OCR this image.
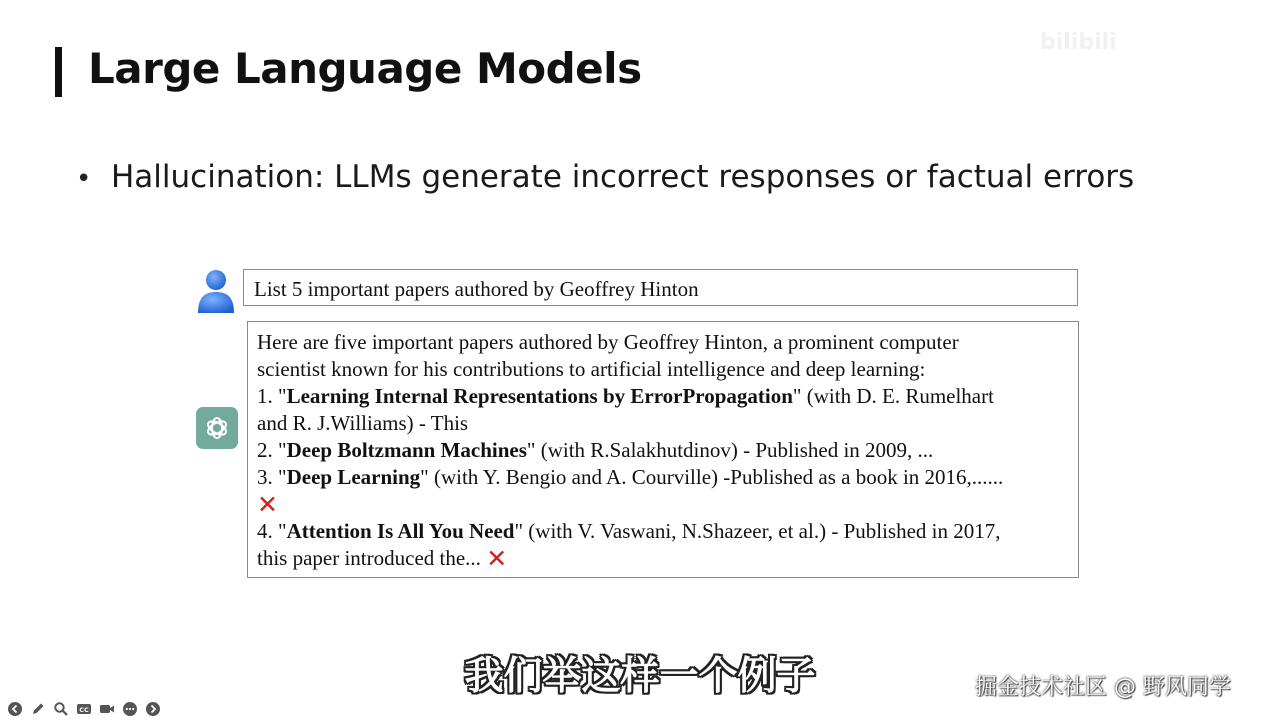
Large Language Models
bilibili
• Hallucination: LLMs generate incorrect responses or factual errors
List 5 important papers authored by Geoffrey Hinton
Here are five important papers authored by Geoffrey Hinton, a prominent computer
scientist known for his contributions to artificial intelligence and deep learning:
1. "Learning Internal Representations by ErrorPropagation" (with D. E. Rumelhart
and R. J.Williams) - This
2. "Deep Boltzmann Machines" (with R.Salakhutdinov) - Published in 2009, ...
3. "Deep Learning" (with Y. Bengio and A. Courville) -Published as a book in 2016,......
✕
4. "Attention Is All You Need" (with V. Vaswani, N.Shazeer, et al.) - Published in 2017,
this paper introduced the... ✕
我们举这样一个例子	掘金技术社区 @ 野风同学
CC
